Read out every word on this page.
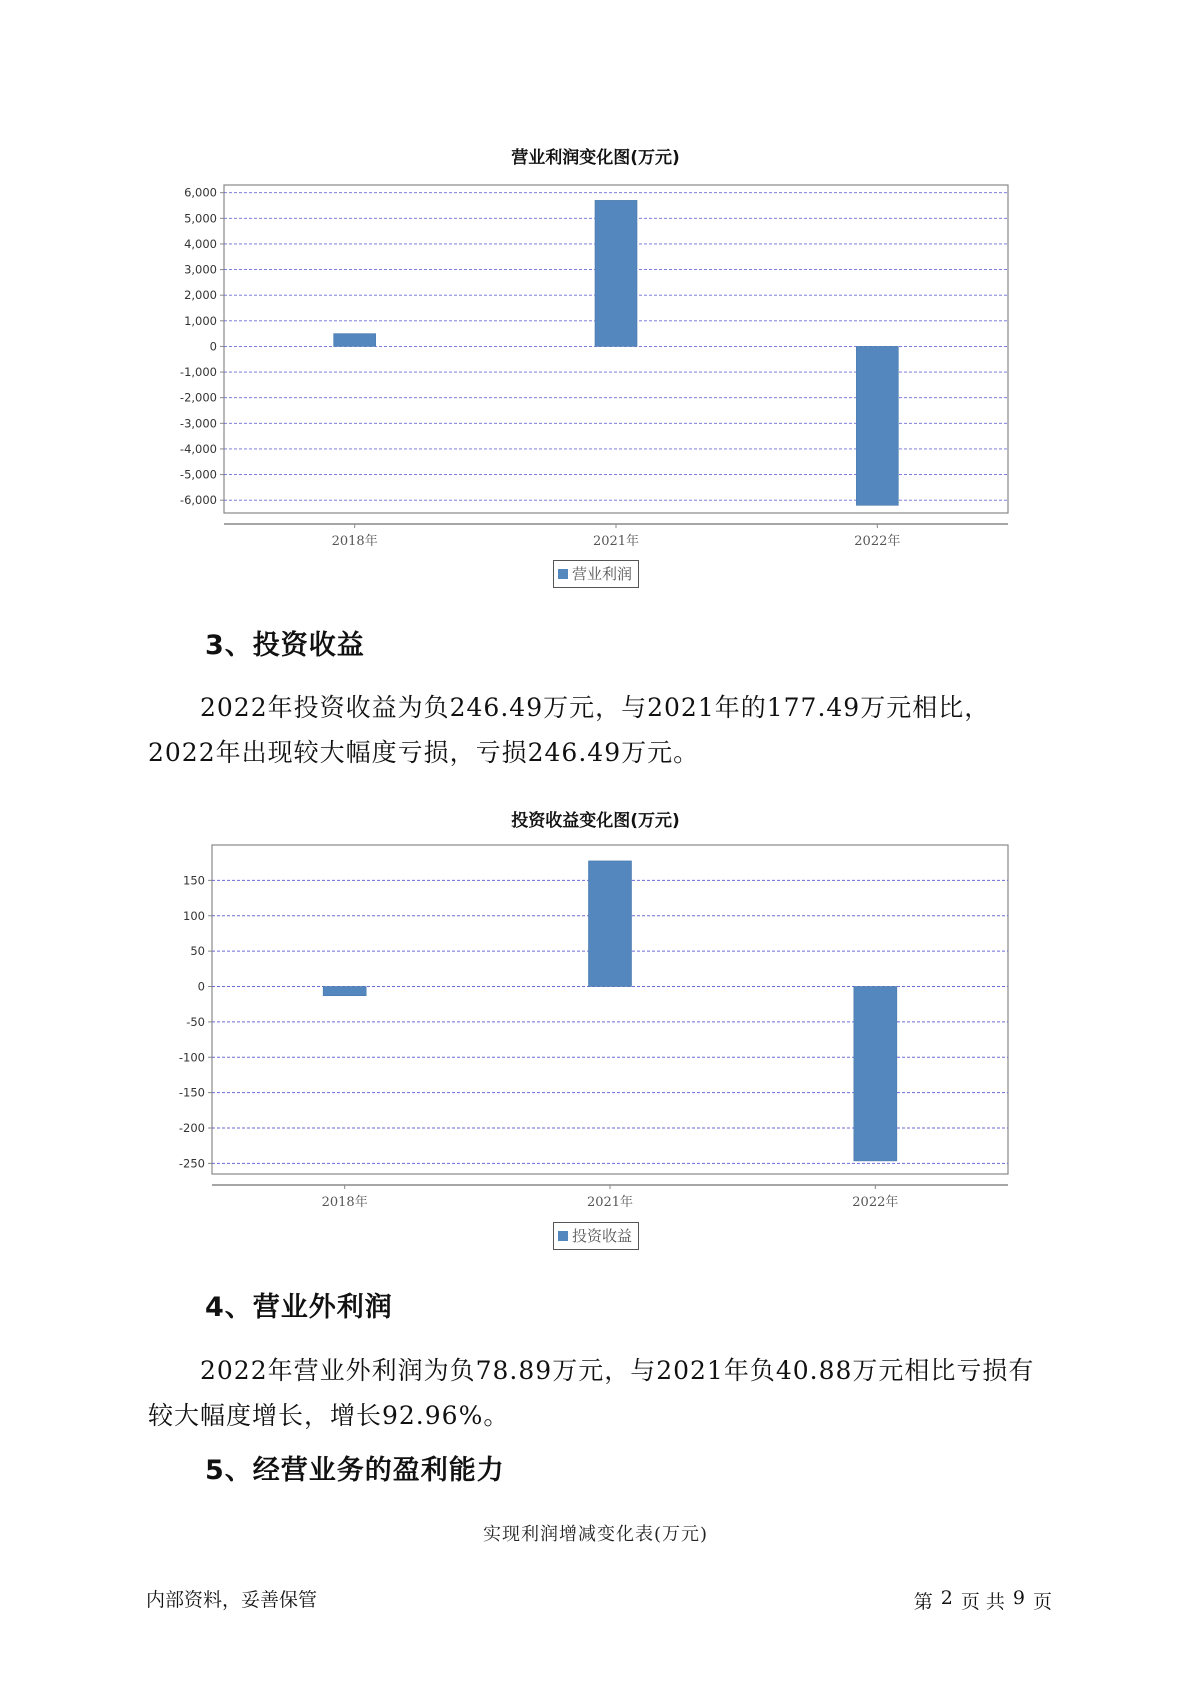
营业利润变化图(万元)
6,000
5,000
4,000
3,000
2,000
1,000
0
-1,000
-2,000
-3,000
-4,000
-5,000
-6,000
2018年	2021年	2022年
营业利润
3、投资收益
2022年投资收益为负246.49万元，与2021年的177.49万元相比，2022年出现较大幅度亏损，亏损246.49万元。
投资收益变化图(万元)
150
100
50
0
-50
-100
-150
-200
-250
2018年	2021年	2022年
投资收益
4、营业外利润
2022年营业外利润为负78.89万元，与2021年负40.88万元相比亏损有较大幅度增长，增长92.96%。
5、经营业务的盈利能力
实现利润增减变化表(万元)
内部资料，妥善保管	第 2 页 共 9 页
